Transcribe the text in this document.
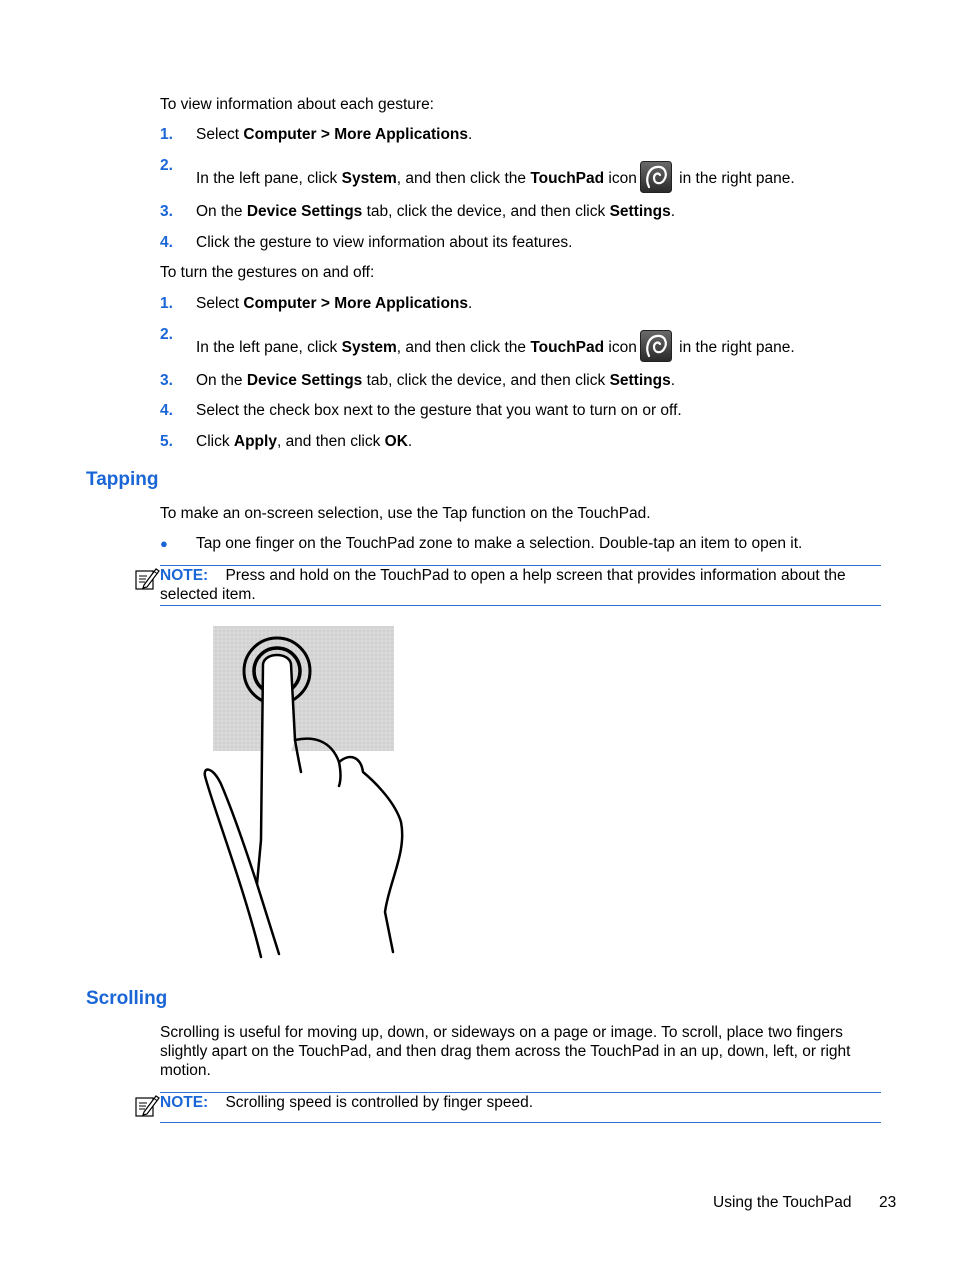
To view information about each gesture:
1. Select Computer > More Applications.
2.
In the left pane, click System, and then click the TouchPad icon in the right pane.
3. On the Device Settings tab, click the device, and then click Settings.
4. Click the gesture to view information about its features.
To turn the gestures on and off:
1. Select Computer > More Applications.
2.
In the left pane, click System, and then click the TouchPad icon in the right pane.
3. On the Device Settings tab, click the device, and then click Settings.
4. Select the check box next to the gesture that you want to turn on or off.
5. Click Apply, and then click OK.
Tapping
To make an on-screen selection, use the Tap function on the TouchPad.
● Tap one finger on the TouchPad zone to make a selection. Double-tap an item to open it.
NOTE: Press and hold on the TouchPad to open a help screen that provides information about the selected item.
Scrolling
Scrolling is useful for moving up, down, or sideways on a page or image. To scroll, place two fingers slightly apart on the TouchPad, and then drag them across the TouchPad in an up, down, left, or right motion.
NOTE: Scrolling speed is controlled by finger speed.
Using the TouchPad 23
